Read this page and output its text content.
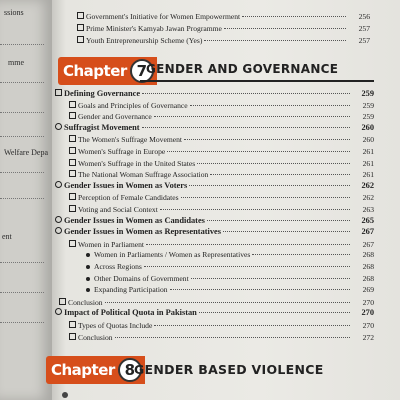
ssions
mme
Welfare Depa
ent
Government's Initiative for Women Empowerment	256
Prime Minister's Kamyab Jawan Programme	257
Youth Entrepreneurship Scheme (Yes)	257
Chapter 7
GENDER AND GOVERNANCE
Defining Governance	259
Goals and Principles of Governance	259
Gender and Governance	259
Suffragist Movement	260
The Women's Suffrage Movement	260
Women's Suffrage in Europe	261
Women's Suffrage in the United States	261
The National Woman Suffrage Association	261
Gender Issues in Women as Voters	262
Perception of Female Candidates	262
Voting and Social Context	263
Gender Issues in Women as Candidates	265
Gender Issues in Women as Representatives	267
Women in Parliament	267
Women in Parliaments / Women as Representatives	268
Across Regions	268
Other Domains of Government	268
Expanding Participation	269
Conclusion	270
Impact of Political Quota in Pakistan	270
Types of Quotas Include	270
Conclusion	272
Chapter 8
GENDER BASED VIOLENCE
